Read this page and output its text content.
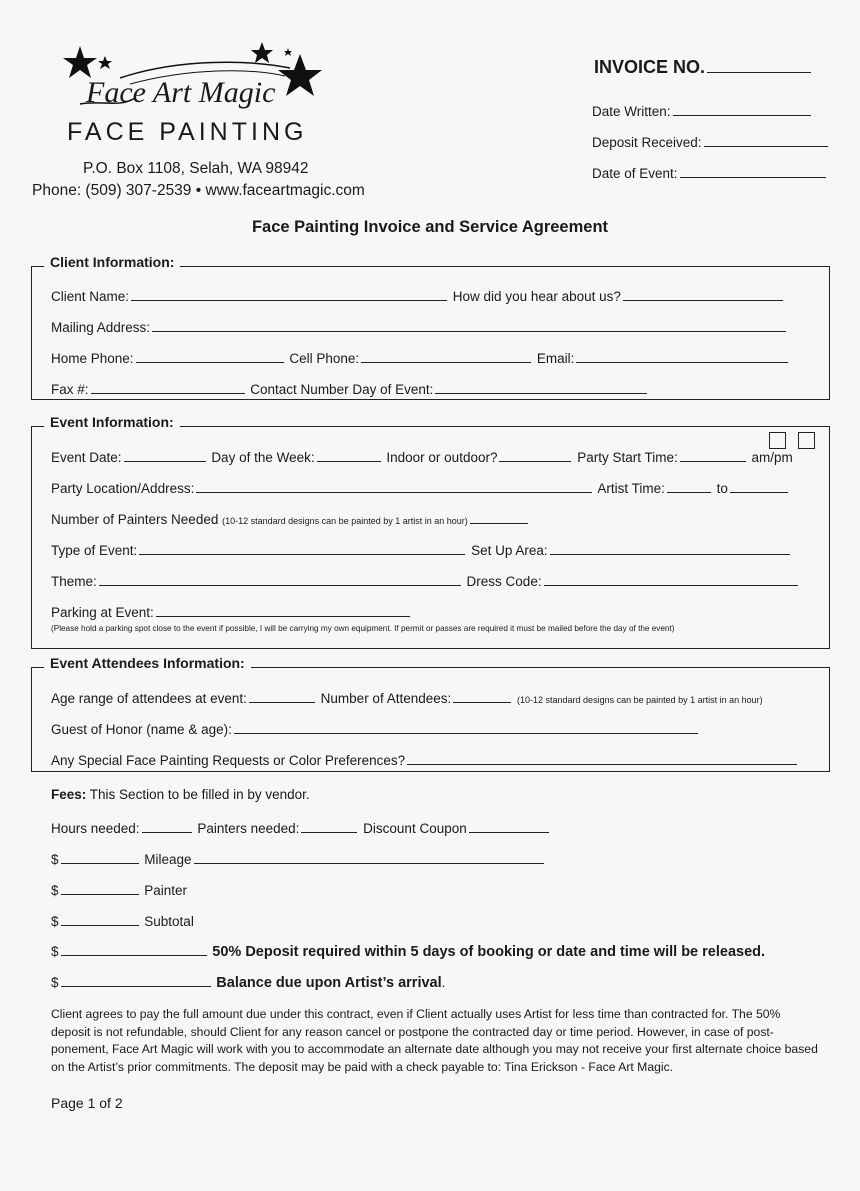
Face Art Magic
FACE PAINTING
P.O. Box 1108, Selah, WA 98942
Phone: (509) 307-2539 • www.faceartmagic.com
INVOICE NO.
Date Written:
Deposit Received:
Date of Event:
Face Painting Invoice and Service Agreement
Client Information:
Client Name:	How did you hear about us?
Mailing Address:
Home Phone:	Cell Phone:	Email:
Fax #:	Contact Number Day of Event:
Event Information:
Event Date:	Day of the Week:	Indoor or outdoor?	Party Start Time:	am/pm
Party Location/Address:	Artist Time:	to
Number of Painters Needed (10-12 standard designs can be painted by 1 artist in an hour)
Type of Event:	Set Up Area:
Theme:	Dress Code:
Parking at Event:
(Please hold a parking spot close to the event if possible, I will be carrying my own equipment. If permit or passes are required it must be mailed before the day of the event)
Event Attendees Information:
Age range of attendees at event:	Number of Attendees:	(10-12 standard designs can be painted by 1 artist in an hour)
Guest of Honor (name & age):
Any Special Face Painting Requests or Color Preferences?
Fees: This Section to be filled in by vendor.
Hours needed:	Painters needed:	Discount Coupon
$	Mileage
$	Painter
$	Subtotal
$	50% Deposit required within 5 days of booking or date and time will be released.
$	Balance due upon Artist’s arrival.
Client agrees to pay the full amount due under this contract, even if Client actually uses Artist for less time than contracted for. The 50% deposit is not refundable, should Client for any reason cancel or postpone the contracted day or time period. However, in case of post-ponement, Face Art Magic will work with you to accommodate an alternate date although you may not receive your first alternate choice based on the Artist’s prior commitments. The deposit may be paid with a check payable to: Tina Erickson - Face Art Magic.
Page 1 of 2
